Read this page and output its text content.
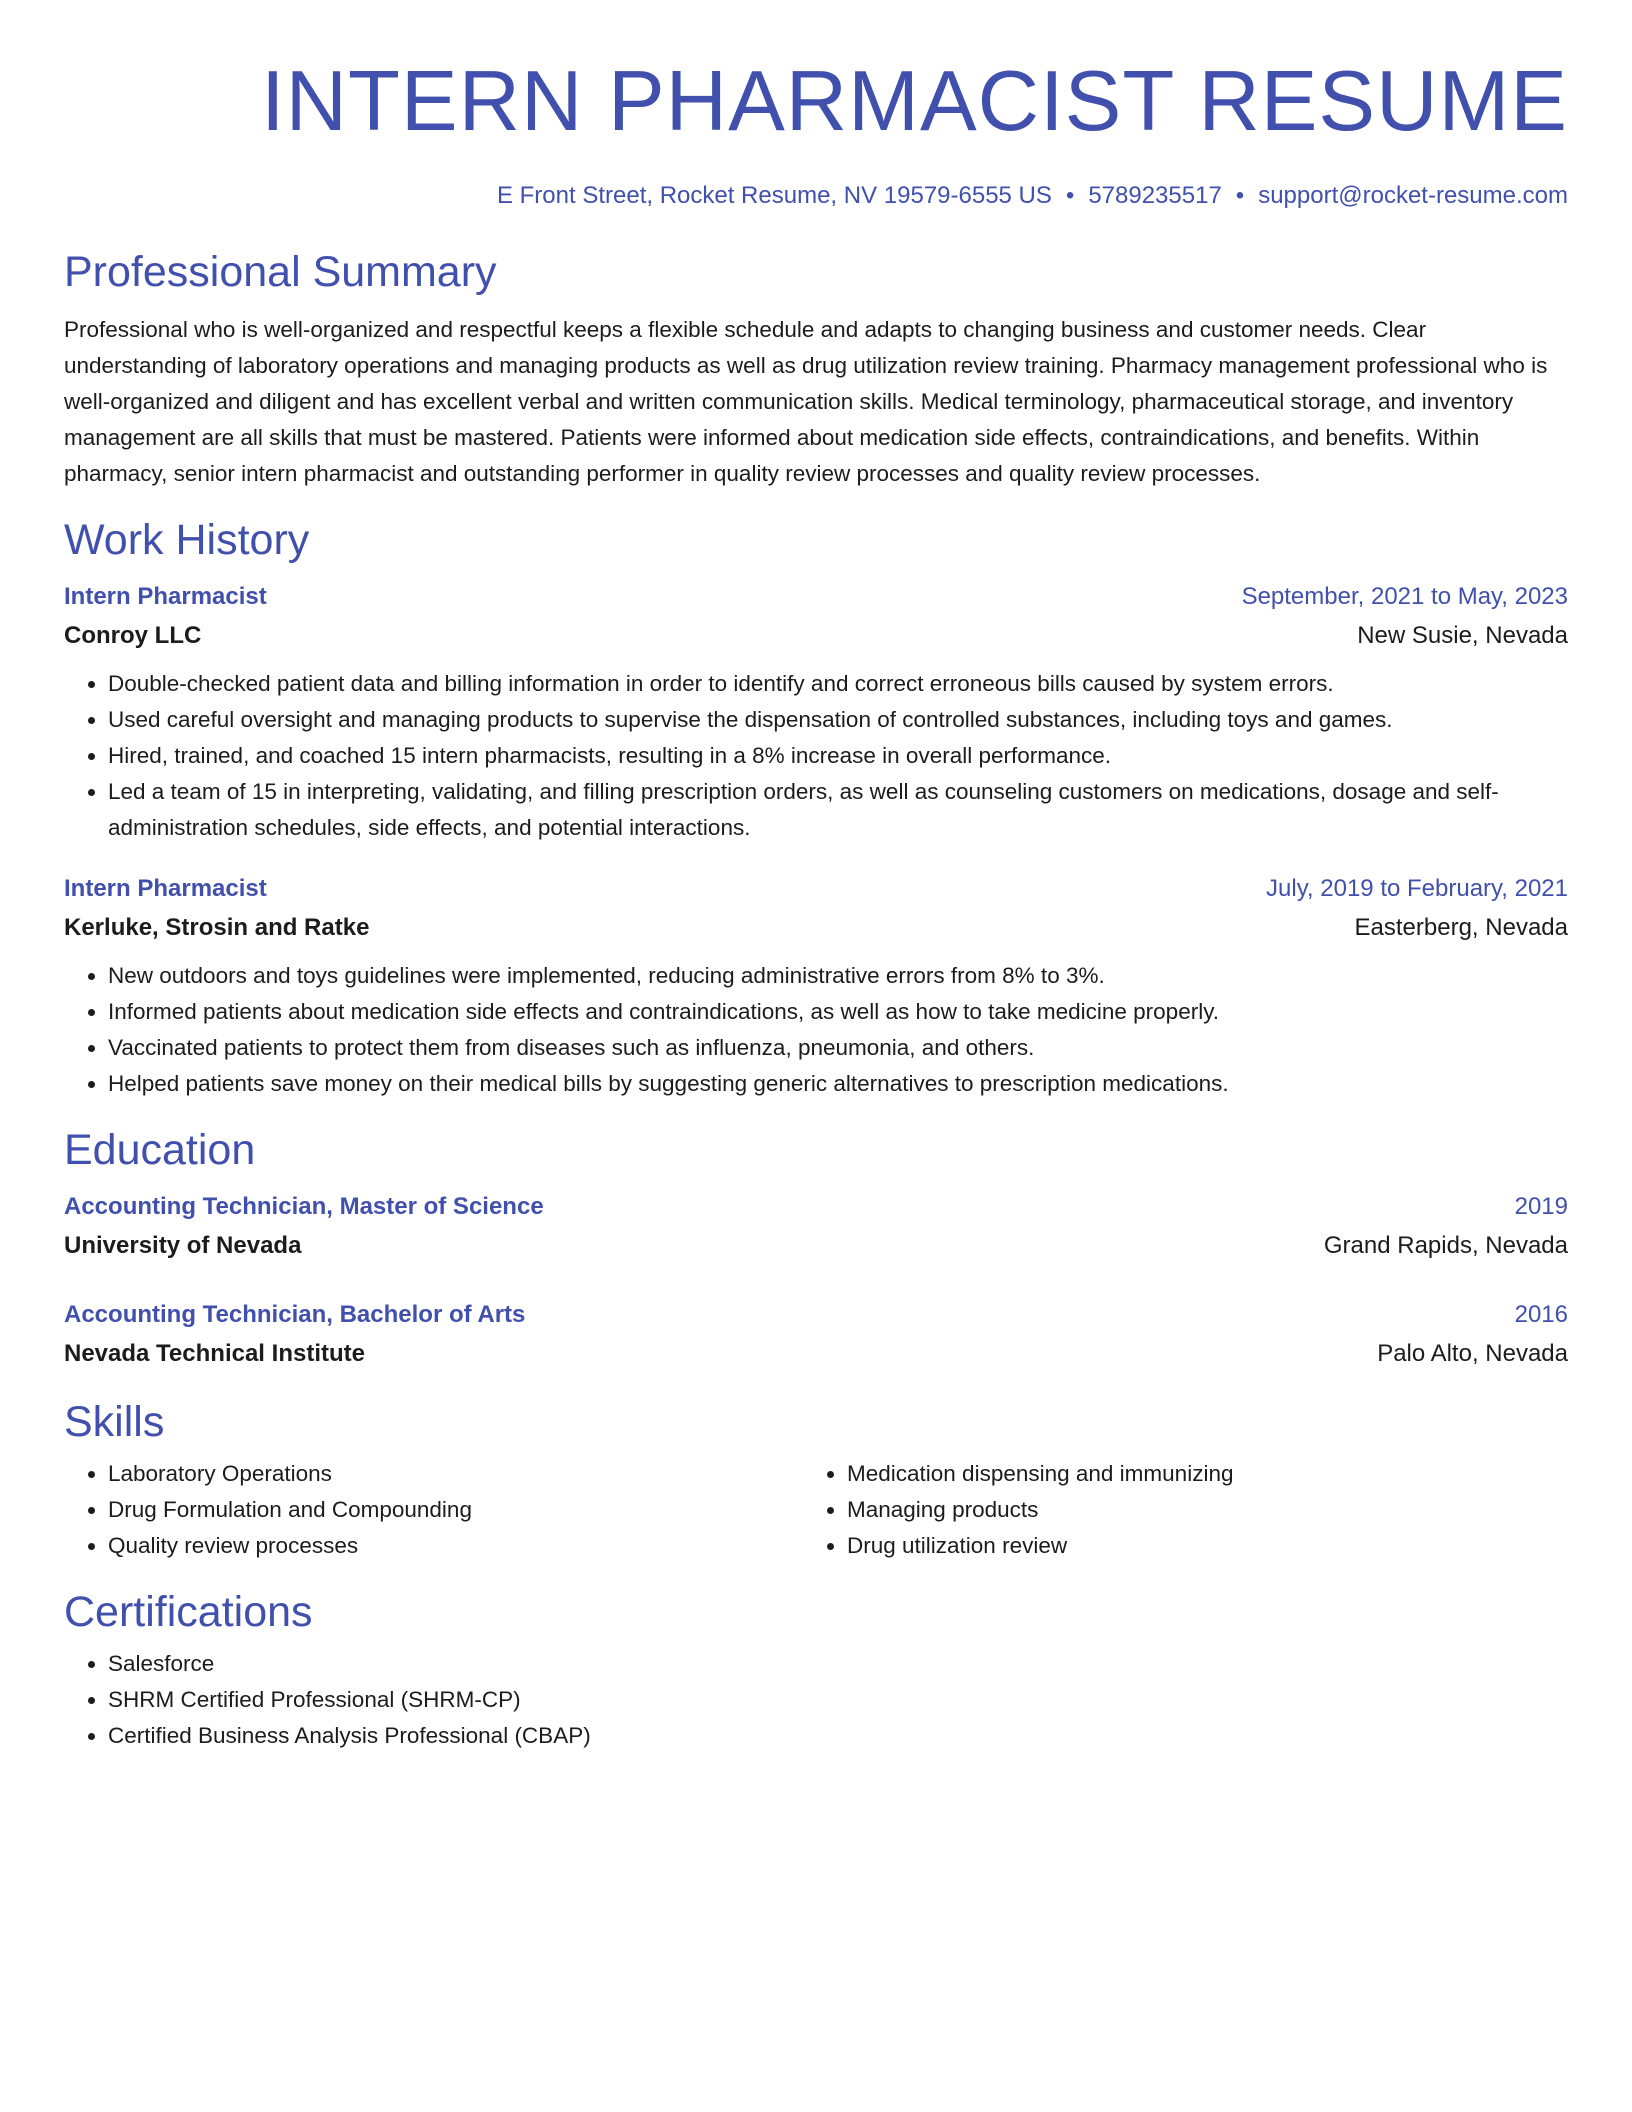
INTERN PHARMACIST RESUME
E Front Street, Rocket Resume, NV 19579-6555 US • 5789235517 • support@rocket-resume.com
Professional Summary

Professional who is well-organized and respectful keeps a flexible schedule and adapts to changing business and customer needs. Clear understanding of laboratory operations and managing products as well as drug utilization review training. Pharmacy management professional who is well-organized and diligent and has excellent verbal and written communication skills. Medical terminology, pharmaceutical storage, and inventory management are all skills that must be mastered. Patients were informed about medication side effects, contraindications, and benefits. Within pharmacy, senior intern pharmacist and outstanding performer in quality review processes and quality review processes.

Work History
Intern Pharmacist	September, 2021 to May, 2023
Conroy LLC	New Susie, Nevada
• Double-checked patient data and billing information in order to identify and correct erroneous bills caused by system errors.
• Used careful oversight and managing products to supervise the dispensation of controlled substances, including toys and games.
• Hired, trained, and coached 15 intern pharmacists, resulting in a 8% increase in overall performance.
• Led a team of 15 in interpreting, validating, and filling prescription orders, as well as counseling customers on medications, dosage and self-administration schedules, side effects, and potential interactions.
Intern Pharmacist	July, 2019 to February, 2021
Kerluke, Strosin and Ratke	Easterberg, Nevada
• New outdoors and toys guidelines were implemented, reducing administrative errors from 8% to 3%.
• Informed patients about medication side effects and contraindications, as well as how to take medicine properly.
• Vaccinated patients to protect them from diseases such as influenza, pneumonia, and others.
• Helped patients save money on their medical bills by suggesting generic alternatives to prescription medications.
Education
Accounting Technician, Master of Science	2019
University of Nevada	Grand Rapids, Nevada
Accounting Technician, Bachelor of Arts	2016
Nevada Technical Institute	Palo Alto, Nevada
Skills
• Laboratory Operations
• Drug Formulation and Compounding
• Quality review processes
• Medication dispensing and immunizing
• Managing products
• Drug utilization review
Certifications
• Salesforce
• SHRM Certified Professional (SHRM-CP)
• Certified Business Analysis Professional (CBAP)
